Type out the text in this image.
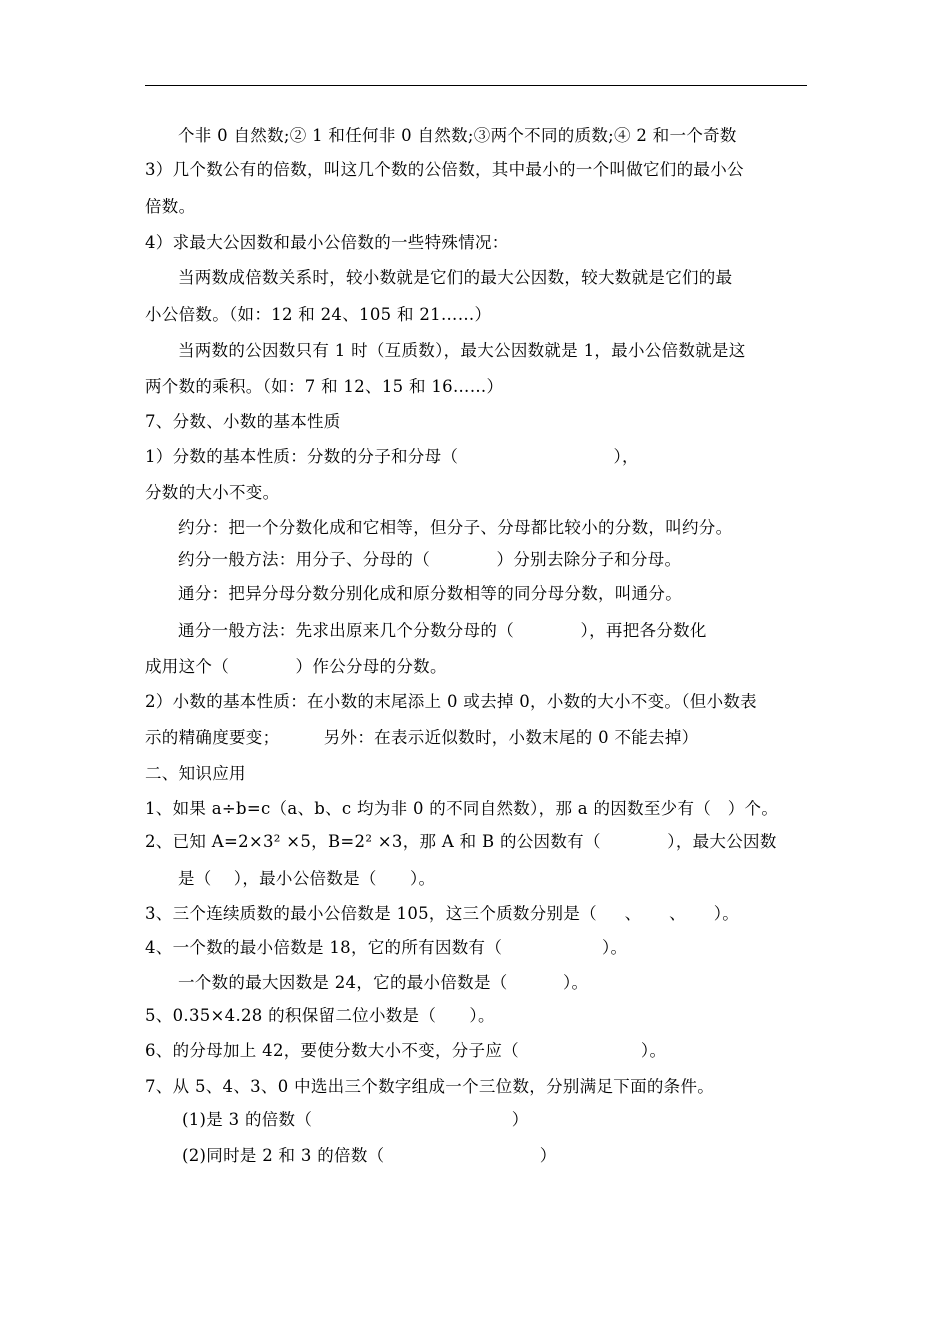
个非 0 自然数;② 1 和任何非 0 自然数;③两个不同的质数;④ 2 和一个奇数
3）几个数公有的倍数，叫这几个数的公倍数，其中最小的一个叫做它们的最小公
倍数。
4）求最大公因数和最小公倍数的一些特殊情况：
当两数成倍数关系时，较小数就是它们的最大公因数，较大数就是它们的最
小公倍数。（如：12 和 24、105 和 21……）
当两数的公因数只有 1 时（互质数），最大公因数就是 1，最小公倍数就是这
两个数的乘积。（如：7 和 12、15 和 16……）
7、分数、小数的基本性质
1）分数的基本性质：分数的分子和分母（                            ），
分数的大小不变。
约分：把一个分数化成和它相等，但分子、分母都比较小的分数，叫约分。
约分一般方法：用分子、分母的（            ）分别去除分子和分母。
通分：把异分母分数分别化成和原分数相等的同分母分数，叫通分。
通分一般方法：先求出原来几个分数分母的（            ），再把各分数化
成用这个（            ）作公分母的分数。
2）小数的基本性质：在小数的末尾添上 0 或去掉 0，小数的大小不变。（但小数表
示的精确度要变；        另外：在表示近似数时，小数末尾的 0 不能去掉）
二、知识应用
1、如果 a÷b=c（a、b、c 均为非 0 的不同自然数），那 a 的因数至少有（   ）个。
2、已知 A=2×3² ×5，B=2² ×3，那 A 和 B 的公因数有（            ），最大公因数
是（    ），最小公倍数是（      ）。
3、三个连续质数的最小公倍数是 105，这三个质数分别是（     、     、     ）。
4、一个数的最小倍数是 18，它的所有因数有（                  ）。
一个数的最大因数是 24，它的最小倍数是（          ）。
5、0.35×4.28 的积保留二位小数是（      ）。
6、的分母加上 42，要使分数大小不变，分子应（                      ）。
7、从 5、4、3、0 中选出三个数字组成一个三位数，分别满足下面的条件。
(1)是 3 的倍数（                                    ）
(2)同时是 2 和 3 的倍数（                            ）
